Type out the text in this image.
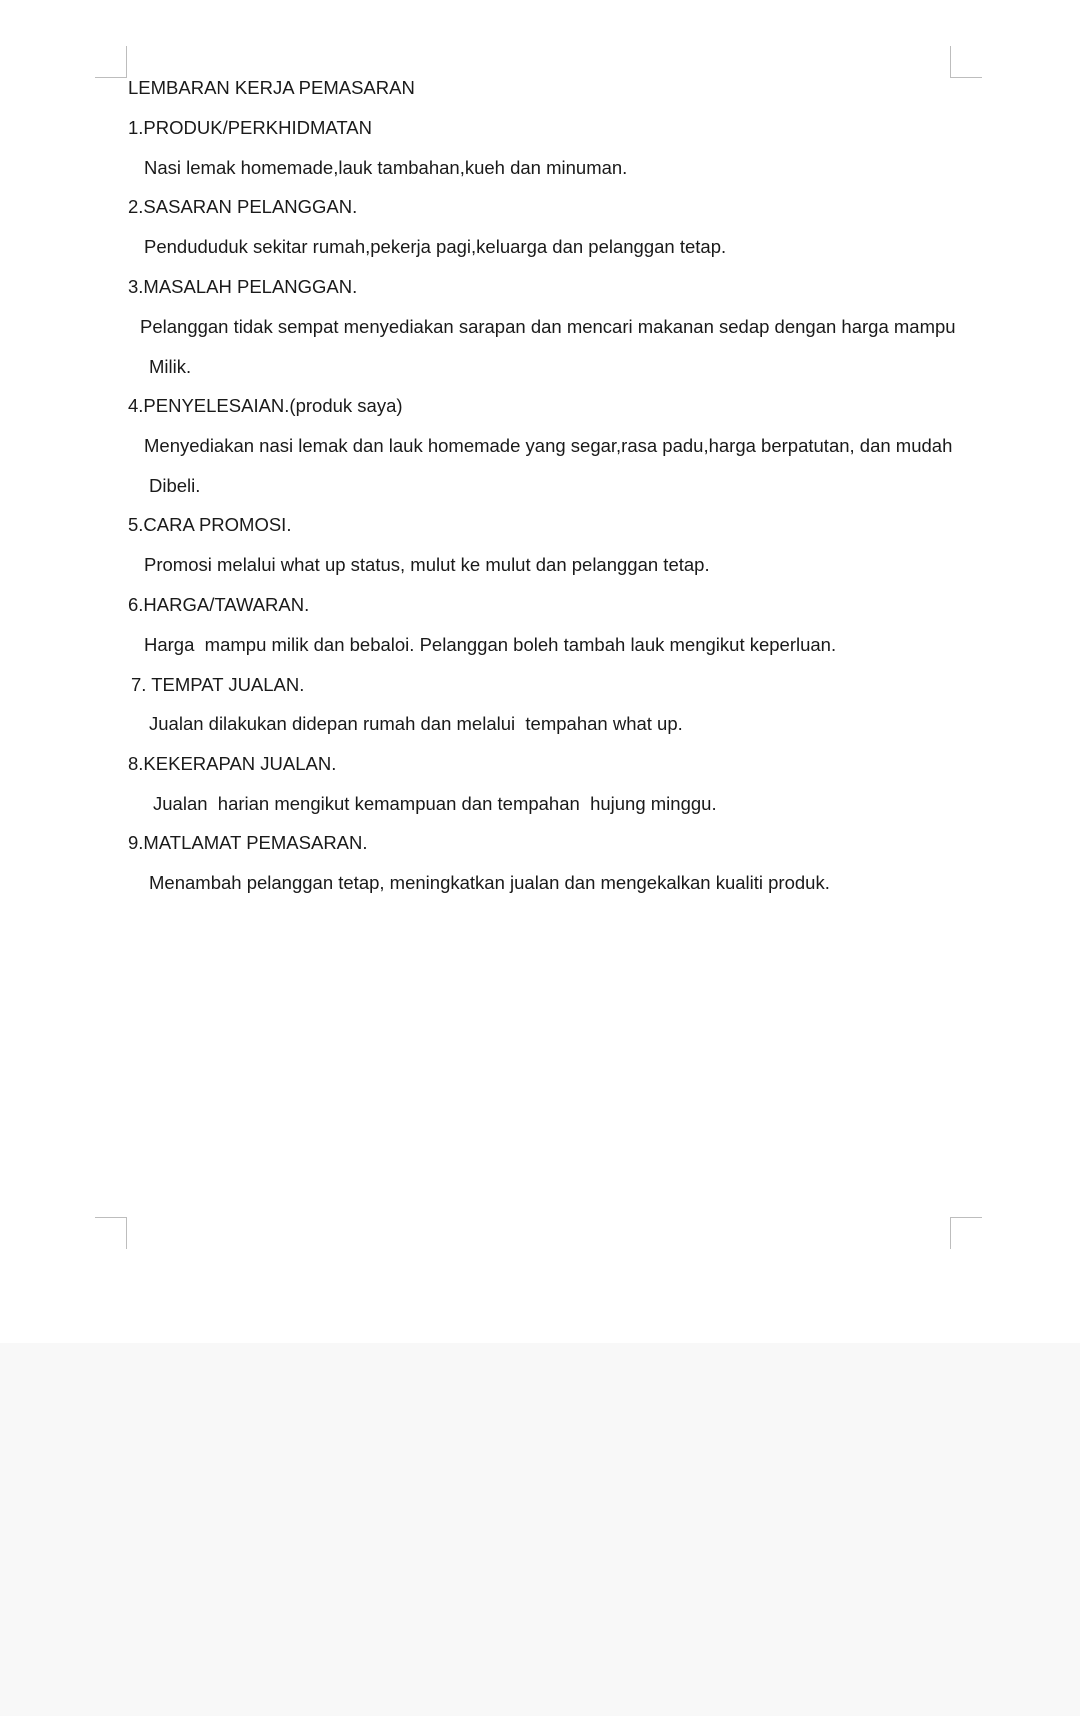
LEMBARAN KERJA PEMASARAN
1.PRODUK/PERKHIDMATAN
Nasi lemak homemade,lauk tambahan,kueh dan minuman.
2.SASARAN PELANGGAN.
Pendududuk sekitar rumah,pekerja pagi,keluarga dan pelanggan tetap.
3.MASALAH PELANGGAN.
Pelanggan tidak sempat menyediakan sarapan dan mencari makanan sedap dengan harga mampu
Milik.
4.PENYELESAIAN.(produk saya)
Menyediakan nasi lemak dan lauk homemade yang segar,rasa padu,harga berpatutan, dan mudah
Dibeli.
5.CARA PROMOSI.
Promosi melalui what up status, mulut ke mulut dan pelanggan tetap.
6.HARGA/TAWARAN.
Harga  mampu milik dan bebaloi. Pelanggan boleh tambah lauk mengikut keperluan.
7. TEMPAT JUALAN.
Jualan dilakukan didepan rumah dan melalui  tempahan what up.
8.KEKERAPAN JUALAN.
Jualan  harian mengikut kemampuan dan tempahan  hujung minggu.
9.MATLAMAT PEMASARAN.
Menambah pelanggan tetap, meningkatkan jualan dan mengekalkan kualiti produk.
